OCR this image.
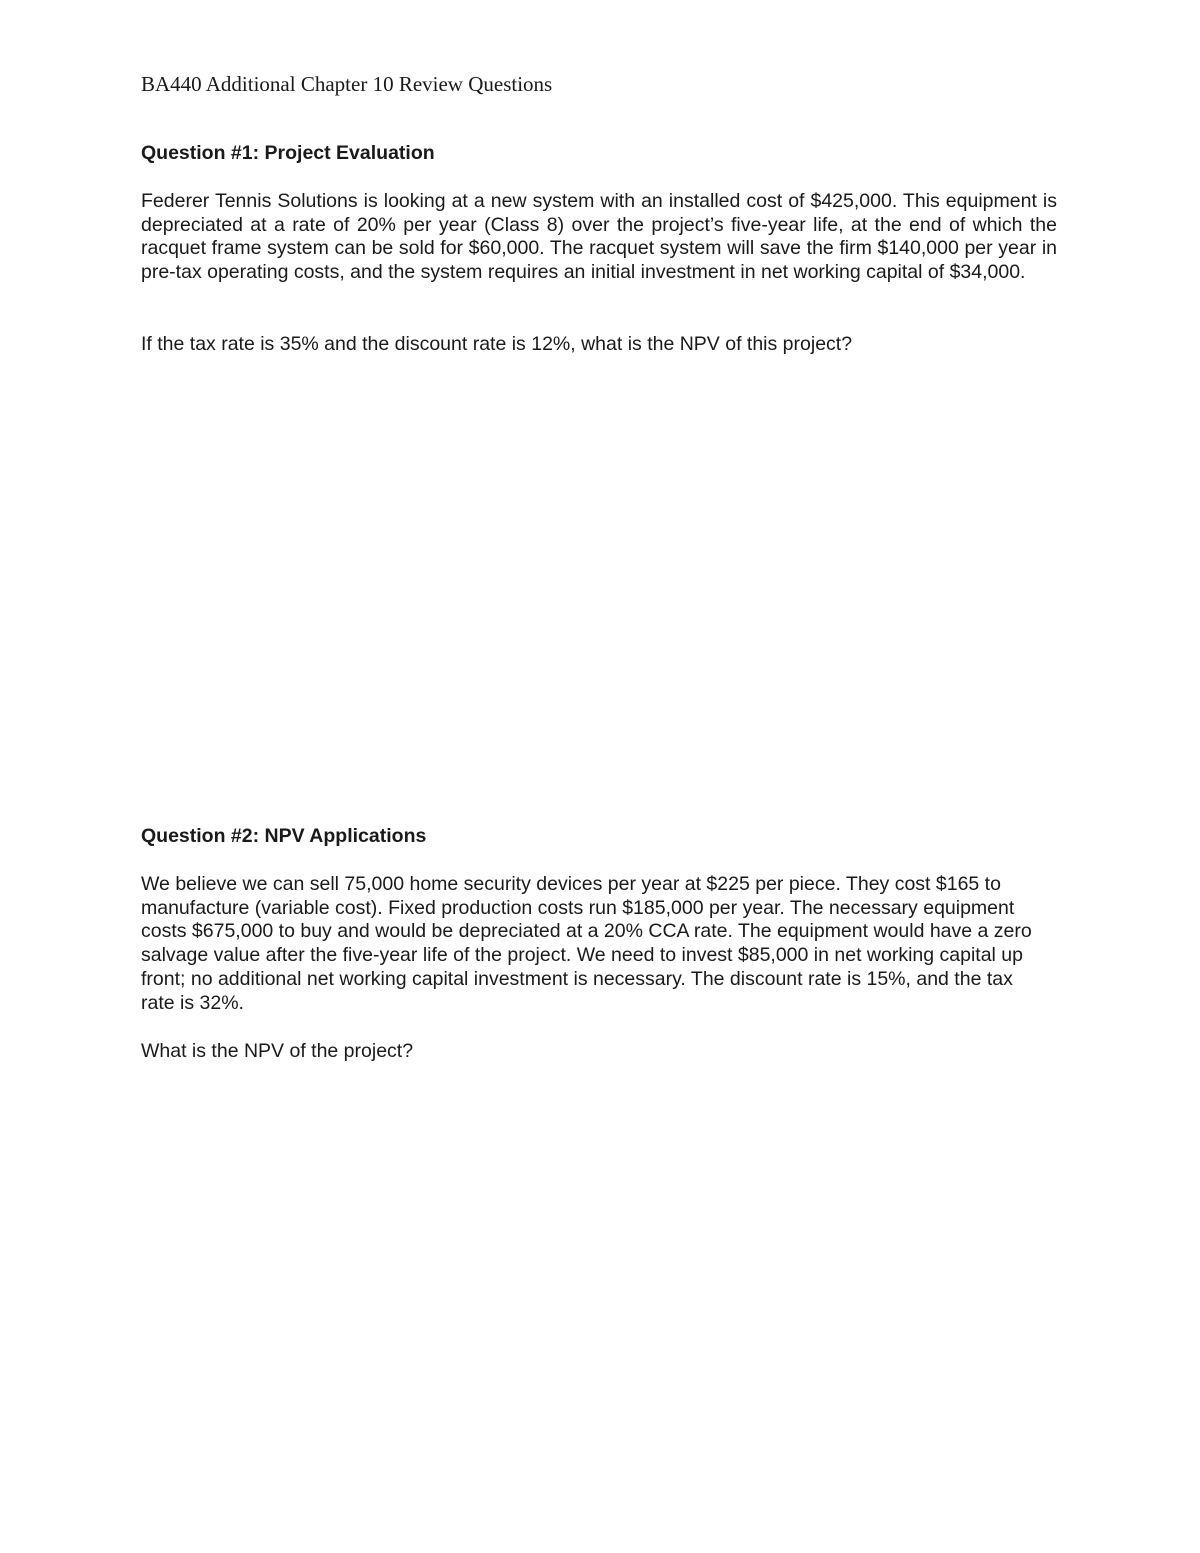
BA440 Additional Chapter 10 Review Questions
Question #1: Project Evaluation

Federer Tennis Solutions is looking at a new system with an installed cost of $425,000. This equipment is depreciated at a rate of 20% per year (Class 8) over the project’s five-year life, at the end of which the racquet frame system can be sold for $60,000. The racquet system will save the firm $140,000 per year in pre-tax operating costs, and the system requires an initial investment in net working capital of $34,000.

If the tax rate is 35% and the discount rate is 12%, what is the NPV of this project?

Question #2: NPV Applications

We believe we can sell 75,000 home security devices per year at $225 per piece. They cost $165 to manufacture (variable cost). Fixed production costs run $185,000 per year. The necessary equipment costs $675,000 to buy and would be depreciated at a 20% CCA rate. The equipment would have a zero salvage value after the five-year life of the project. We need to invest $85,000 in net working capital up front; no additional net working capital investment is necessary. The discount rate is 15%, and the tax rate is 32%.

What is the NPV of the project?
